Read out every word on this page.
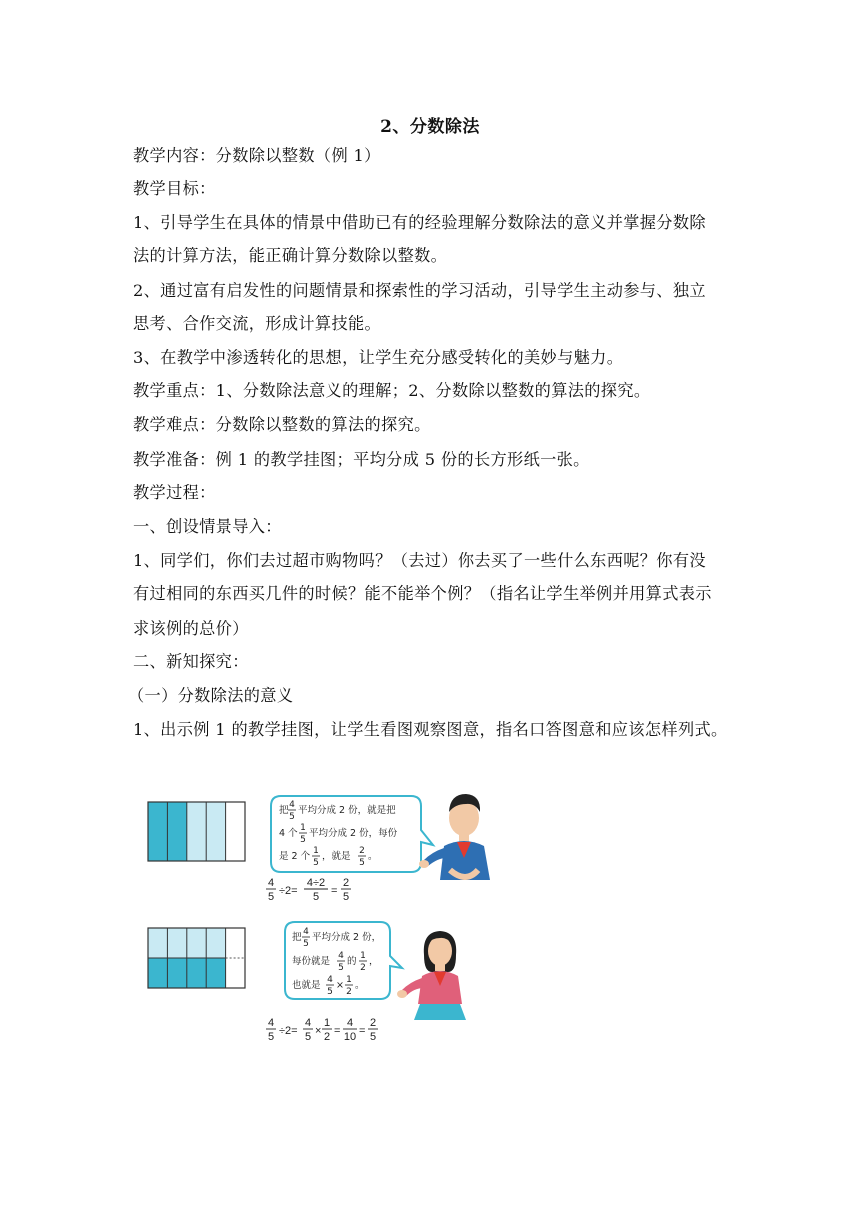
2、分数除法
教学内容：分数除以整数（例 1）
教学目标：
1、引导学生在具体的情景中借助已有的经验理解分数除法的意义并掌握分数除
法的计算方法，能正确计算分数除以整数。
2、通过富有启发性的问题情景和探索性的学习活动，引导学生主动参与、独立
思考、合作交流，形成计算技能。
3、在教学中渗透转化的思想，让学生充分感受转化的美妙与魅力。
教学重点：1、分数除法意义的理解；2、分数除以整数的算法的探究。
教学难点：分数除以整数的算法的探究。
教学准备：例 1 的教学挂图；平均分成 5 份的长方形纸一张。
教学过程：
一、创设情景导入：
1、同学们，你们去过超市购物吗？（去过）你去买了一些什么东西呢？你有没
有过相同的东西买几件的时候？能不能举个例？（指名让学生举例并用算式表示
求该例的总价）
二、新知探究：
（一）分数除法的意义
1、出示例 1 的教学挂图，让学生看图观察图意，指名口答图意和应该怎样列式。
把 4
5
平均分成 2 份，就是把
4 个 1
5
平均分成 2 份，每份
是 2 个 1
5
，就是 2
5
。
4
5 ÷2=
4÷2
5 =
2
5
把 4
5
平均分成 2 份，
每份就是 4
5
的 1
2
，
也就是 4
5
× 1
2
。
4
5 ÷2=
4
5 ×
1
2 =
4
10 =
2
5
